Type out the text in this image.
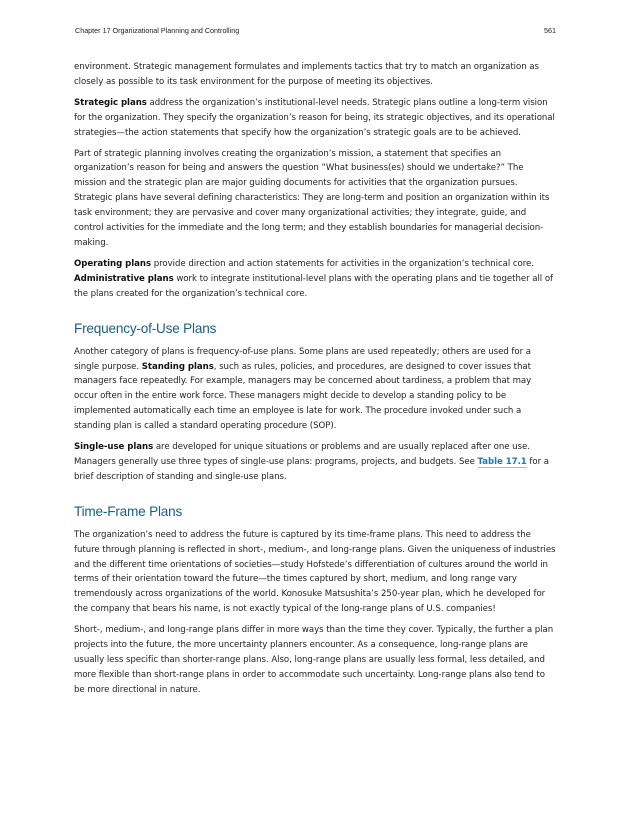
Chapter 17 Organizational Planning and Controlling	561

environment. Strategic management formulates and implements tactics that try to match an organization as closely as possible to its task environment for the purpose of meeting its objectives.

Strategic plans address the organization’s institutional-level needs. Strategic plans outline a long-term vision for the organization. They specify the organization’s reason for being, its strategic objectives, and its operational strategies—the action statements that specify how the organization’s strategic goals are to be achieved.

Part of strategic planning involves creating the organization’s mission, a statement that specifies an organization’s reason for being and answers the question “What business(es) should we undertake?” The mission and the strategic plan are major guiding documents for activities that the organization pursues. Strategic plans have several defining characteristics: They are long-term and position an organization within its task environment; they are pervasive and cover many organizational activities; they integrate, guide, and control activities for the immediate and the long term; and they establish boundaries for managerial decision-making.

Operating plans provide direction and action statements for activities in the organization’s technical core. Administrative plans work to integrate institutional-level plans with the operating plans and tie together all of the plans created for the organization’s technical core.

Frequency-of-Use Plans

Another category of plans is frequency-of-use plans. Some plans are used repeatedly; others are used for a single purpose. Standing plans, such as rules, policies, and procedures, are designed to cover issues that managers face repeatedly. For example, managers may be concerned about tardiness, a problem that may occur often in the entire work force. These managers might decide to develop a standing policy to be implemented automatically each time an employee is late for work. The procedure invoked under such a standing plan is called a standard operating procedure (SOP).

Single-use plans are developed for unique situations or problems and are usually replaced after one use. Managers generally use three types of single-use plans: programs, projects, and budgets. See Table 17.1 for a brief description of standing and single-use plans.

Time-Frame Plans

The organization’s need to address the future is captured by its time-frame plans. This need to address the future through planning is reflected in short-, medium-, and long-range plans. Given the uniqueness of industries and the different time orientations of societies—study Hofstede’s differentiation of cultures around the world in terms of their orientation toward the future—the times captured by short, medium, and long range vary tremendously across organizations of the world. Konosuke Matsushita’s 250-year plan, which he developed for the company that bears his name, is not exactly typical of the long-range plans of U.S. companies!

Short-, medium-, and long-range plans differ in more ways than the time they cover. Typically, the further a plan projects into the future, the more uncertainty planners encounter. As a consequence, long-range plans are usually less specific than shorter-range plans. Also, long-range plans are usually less formal, less detailed, and more flexible than short-range plans in order to accommodate such uncertainty. Long-range plans also tend to be more directional in nature.
